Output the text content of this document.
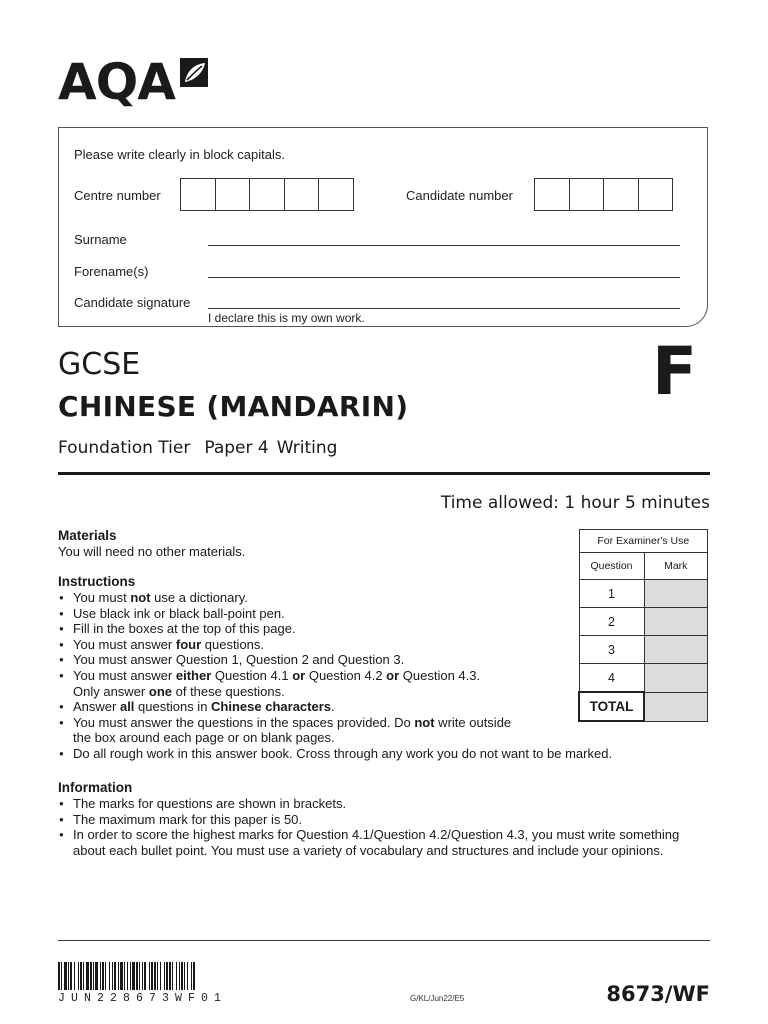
AQA
Please write clearly in block capitals.
Centre number	Candidate number
Surname
Forename(s)
Candidate signature
I declare this is my own work.
GCSE
CHINESE (MANDARIN)
Foundation Tier Paper 4 Writing
F
Time allowed: 1 hour 5 minutes
Materials
You will need no other materials.
Instructions
● You must not use a dictionary.
● Use black ink or black ball-point pen.
● Fill in the boxes at the top of this page.
● You must answer four questions.
● You must answer Question 1, Question 2 and Question 3.
● You must answer either Question 4.1 or Question 4.2 or Question 4.3.
Only answer one of these questions.
● Answer all questions in Chinese characters.
● You must answer the questions in the spaces provided. Do not write outside
the box around each page or on blank pages.
● Do all rough work in this answer book. Cross through any work you do not want to be marked.
Information
● The marks for questions are shown in brackets.
● The maximum mark for this paper is 50.
● In order to score the highest marks for Question 4.1/Question 4.2/Question 4.3, you must write something about each bullet point. You must use a variety of vocabulary and structures and include your opinions.
For Examiner's Use	
Question	Mark
1	
2	
3	
4	
TOTAL	
JUN228673WF01	G/KL/Jun22/E5	8673/WF
